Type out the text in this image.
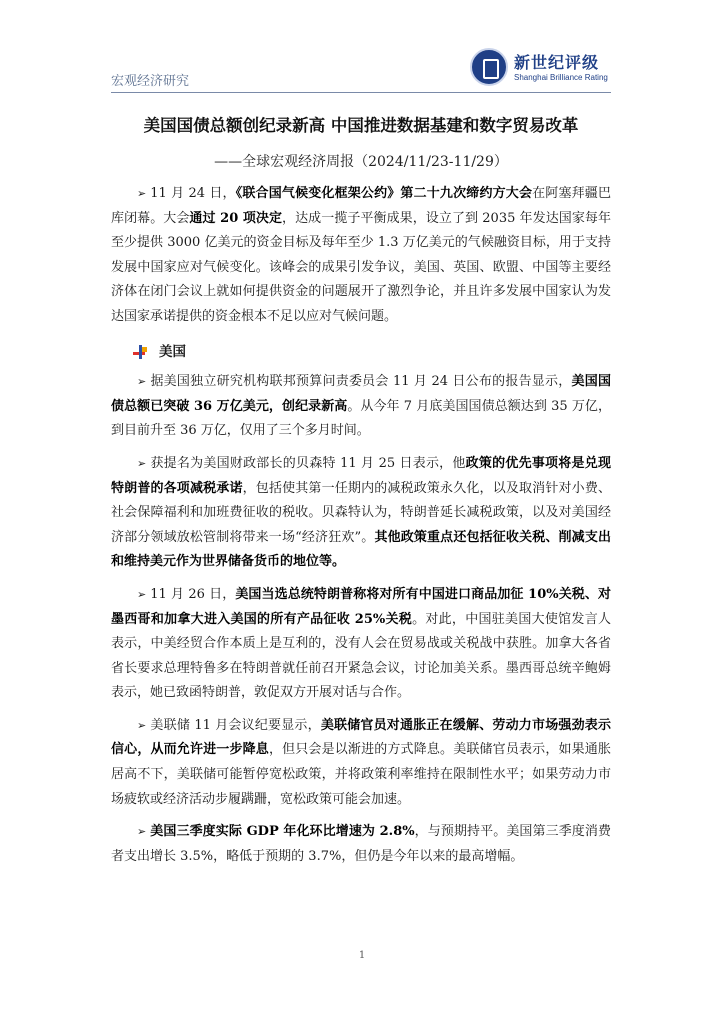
宏观经济研究
新世纪评级
Shanghai Brilliance Rating
美国国债总额创纪录新高 中国推进数据基建和数字贸易改革
——全球宏观经济周报（2024/11/23-11/29）

➢ 11 月 24 日，《联合国气候变化框架公约》第二十九次缔约方大会在阿塞拜疆巴库闭幕。大会通过 20 项决定，达成一揽子平衡成果，设立了到 2035 年发达国家每年至少提供 3000 亿美元的资金目标及每年至少 1.3 万亿美元的气候融资目标，用于支持发展中国家应对气候变化。该峰会的成果引发争议，美国、英国、欧盟、中国等主要经济体在闭门会议上就如何提供资金的问题展开了激烈争论，并且许多发展中国家认为发达国家承诺提供的资金根本不足以应对气候问题。

美国

➢ 据美国独立研究机构联邦预算问责委员会 11 月 24 日公布的报告显示，美国国债总额已突破 36 万亿美元，创纪录新高。从今年 7 月底美国国债总额达到 35 万亿，到目前升至 36 万亿，仅用了三个多月时间。

➢ 获提名为美国财政部长的贝森特 11 月 25 日表示，他政策的优先事项将是兑现特朗普的各项减税承诺，包括使其第一任期内的减税政策永久化，以及取消针对小费、社会保障福利和加班费征收的税收。贝森特认为，特朗普延长减税政策，以及对美国经济部分领域放松管制将带来一场“经济狂欢”。其他政策重点还包括征收关税、削减支出和维持美元作为世界储备货币的地位等。

➢ 11 月 26 日，美国当选总统特朗普称将对所有中国进口商品加征 10%关税、对墨西哥和加拿大进入美国的所有产品征收 25%关税。对此，中国驻美国大使馆发言人表示，中美经贸合作本质上是互利的，没有人会在贸易战或关税战中获胜。加拿大各省省长要求总理特鲁多在特朗普就任前召开紧急会议，讨论加美关系。墨西哥总统辛鲍姆表示，她已致函特朗普，敦促双方开展对话与合作。

➢ 美联储 11 月会议纪要显示，美联储官员对通胀正在缓解、劳动力市场强劲表示信心，从而允许进一步降息，但只会是以渐进的方式降息。美联储官员表示，如果通胀居高不下，美联储可能暂停宽松政策，并将政策利率维持在限制性水平；如果劳动力市场疲软或经济活动步履蹒跚，宽松政策可能会加速。

➢ 美国三季度实际 GDP 年化环比增速为 2.8%，与预期持平。美国第三季度消费者支出增长 3.5%，略低于预期的 3.7%，但仍是今年以来的最高增幅。

1
